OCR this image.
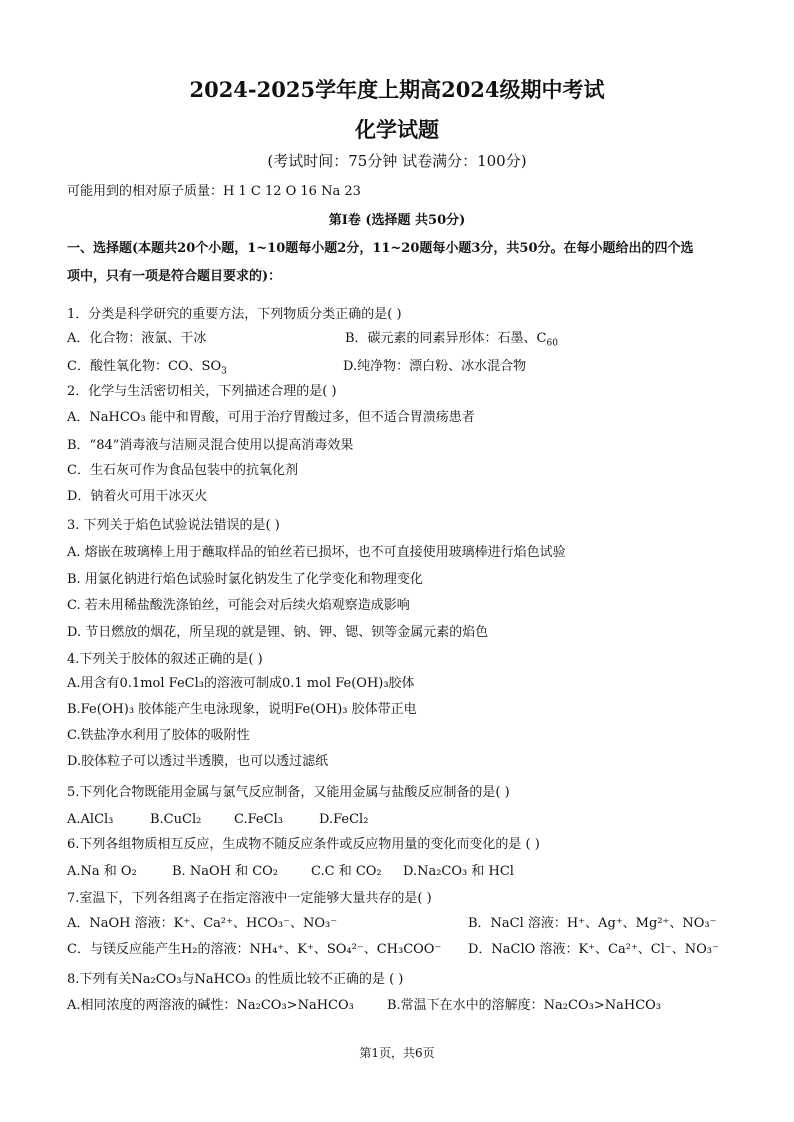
2024-2025学年度上期高2024级期中考试
化学试题
(考试时间：75分钟 试卷满分：100分)
可能用到的相对原子质量：H 1 C 12 O 16 Na 23
第Ⅰ卷 (选择题 共50分)
一、选择题(本题共20个小题，1~10题每小题2分，11~20题每小题3分，共50分。在每小题给出的四个选
项中，只有一项是符合题目要求的)：
1．分类是科学研究的重要方法，下列物质分类正确的是( )
A．化合物：液氯、干冰	B．碳元素的同素异形体：石墨、$C_{60}$
C．酸性氧化物：CO、$SO_3$	D.纯净物：漂白粉、冰水混合物
2．化学与生活密切相关，下列描述合理的是( )
A．NaHCO₃ 能中和胃酸，可用于治疗胃酸过多，但不适合胃溃疡患者
B．“84”消毒液与洁厕灵混合使用以提高消毒效果
C．生石灰可作为食品包装中的抗氧化剂
D．钠着火可用干冰灭火
3. 下列关于焰色试验说法错误的是( )
A. 熔嵌在玻璃棒上用于蘸取样品的铂丝若已损坏，也不可直接使用玻璃棒进行焰色试验
B. 用氯化钠进行焰色试验时氯化钠发生了化学变化和物理变化
C. 若未用稀盐酸洗涤铂丝，可能会对后续火焰观察造成影响
D. 节日燃放的烟花，所呈现的就是锂、钠、钾、锶、钡等金属元素的焰色
4.下列关于胶体的叙述正确的是( )
A.用含有0.1mol FeCl₃的溶液可制成0.1 mol Fe(OH)₃胶体
B.Fe(OH)₃ 胶体能产生电泳现象，说明Fe(OH)₃ 胶体带正电
C.铁盐净水利用了胶体的吸附性
D.胶体粒子可以透过半透膜，也可以透过滤纸
5.下列化合物既能用金属与氯气反应制备，又能用金属与盐酸反应制备的是( )
A.AlCl₃	B.CuCl₂	C.FeCl₃	D.FeCl₂
6.下列各组物质相互反应，生成物不随反应条件或反应物用量的变化而变化的是 ( )
A.Na 和 O₂	B. NaOH 和 CO₂	C.C 和 CO₂ D.Na₂CO₃ 和 HCl
7.室温下，下列各组离子在指定溶液中一定能够大量共存的是( )
A．NaOH 溶液：K⁺、Ca²⁺、HCO₃⁻、NO₃⁻	B．NaCl 溶液：H⁺、Ag⁺、Mg²⁺、NO₃⁻
C．与镁反应能产生H₂的溶液：NH₄⁺、K⁺、SO₄²⁻、CH₃COO⁻ D．NaClO 溶液：K⁺、Ca²⁺、Cl⁻、NO₃⁻
8.下列有关Na₂CO₃与NaHCO₃ 的性质比较不正确的是 ( )
A.相同浓度的两溶液的碱性：Na₂CO₃>NaHCO₃	B.常温下在水中的溶解度：Na₂CO₃>NaHCO₃
第1页，共6页
